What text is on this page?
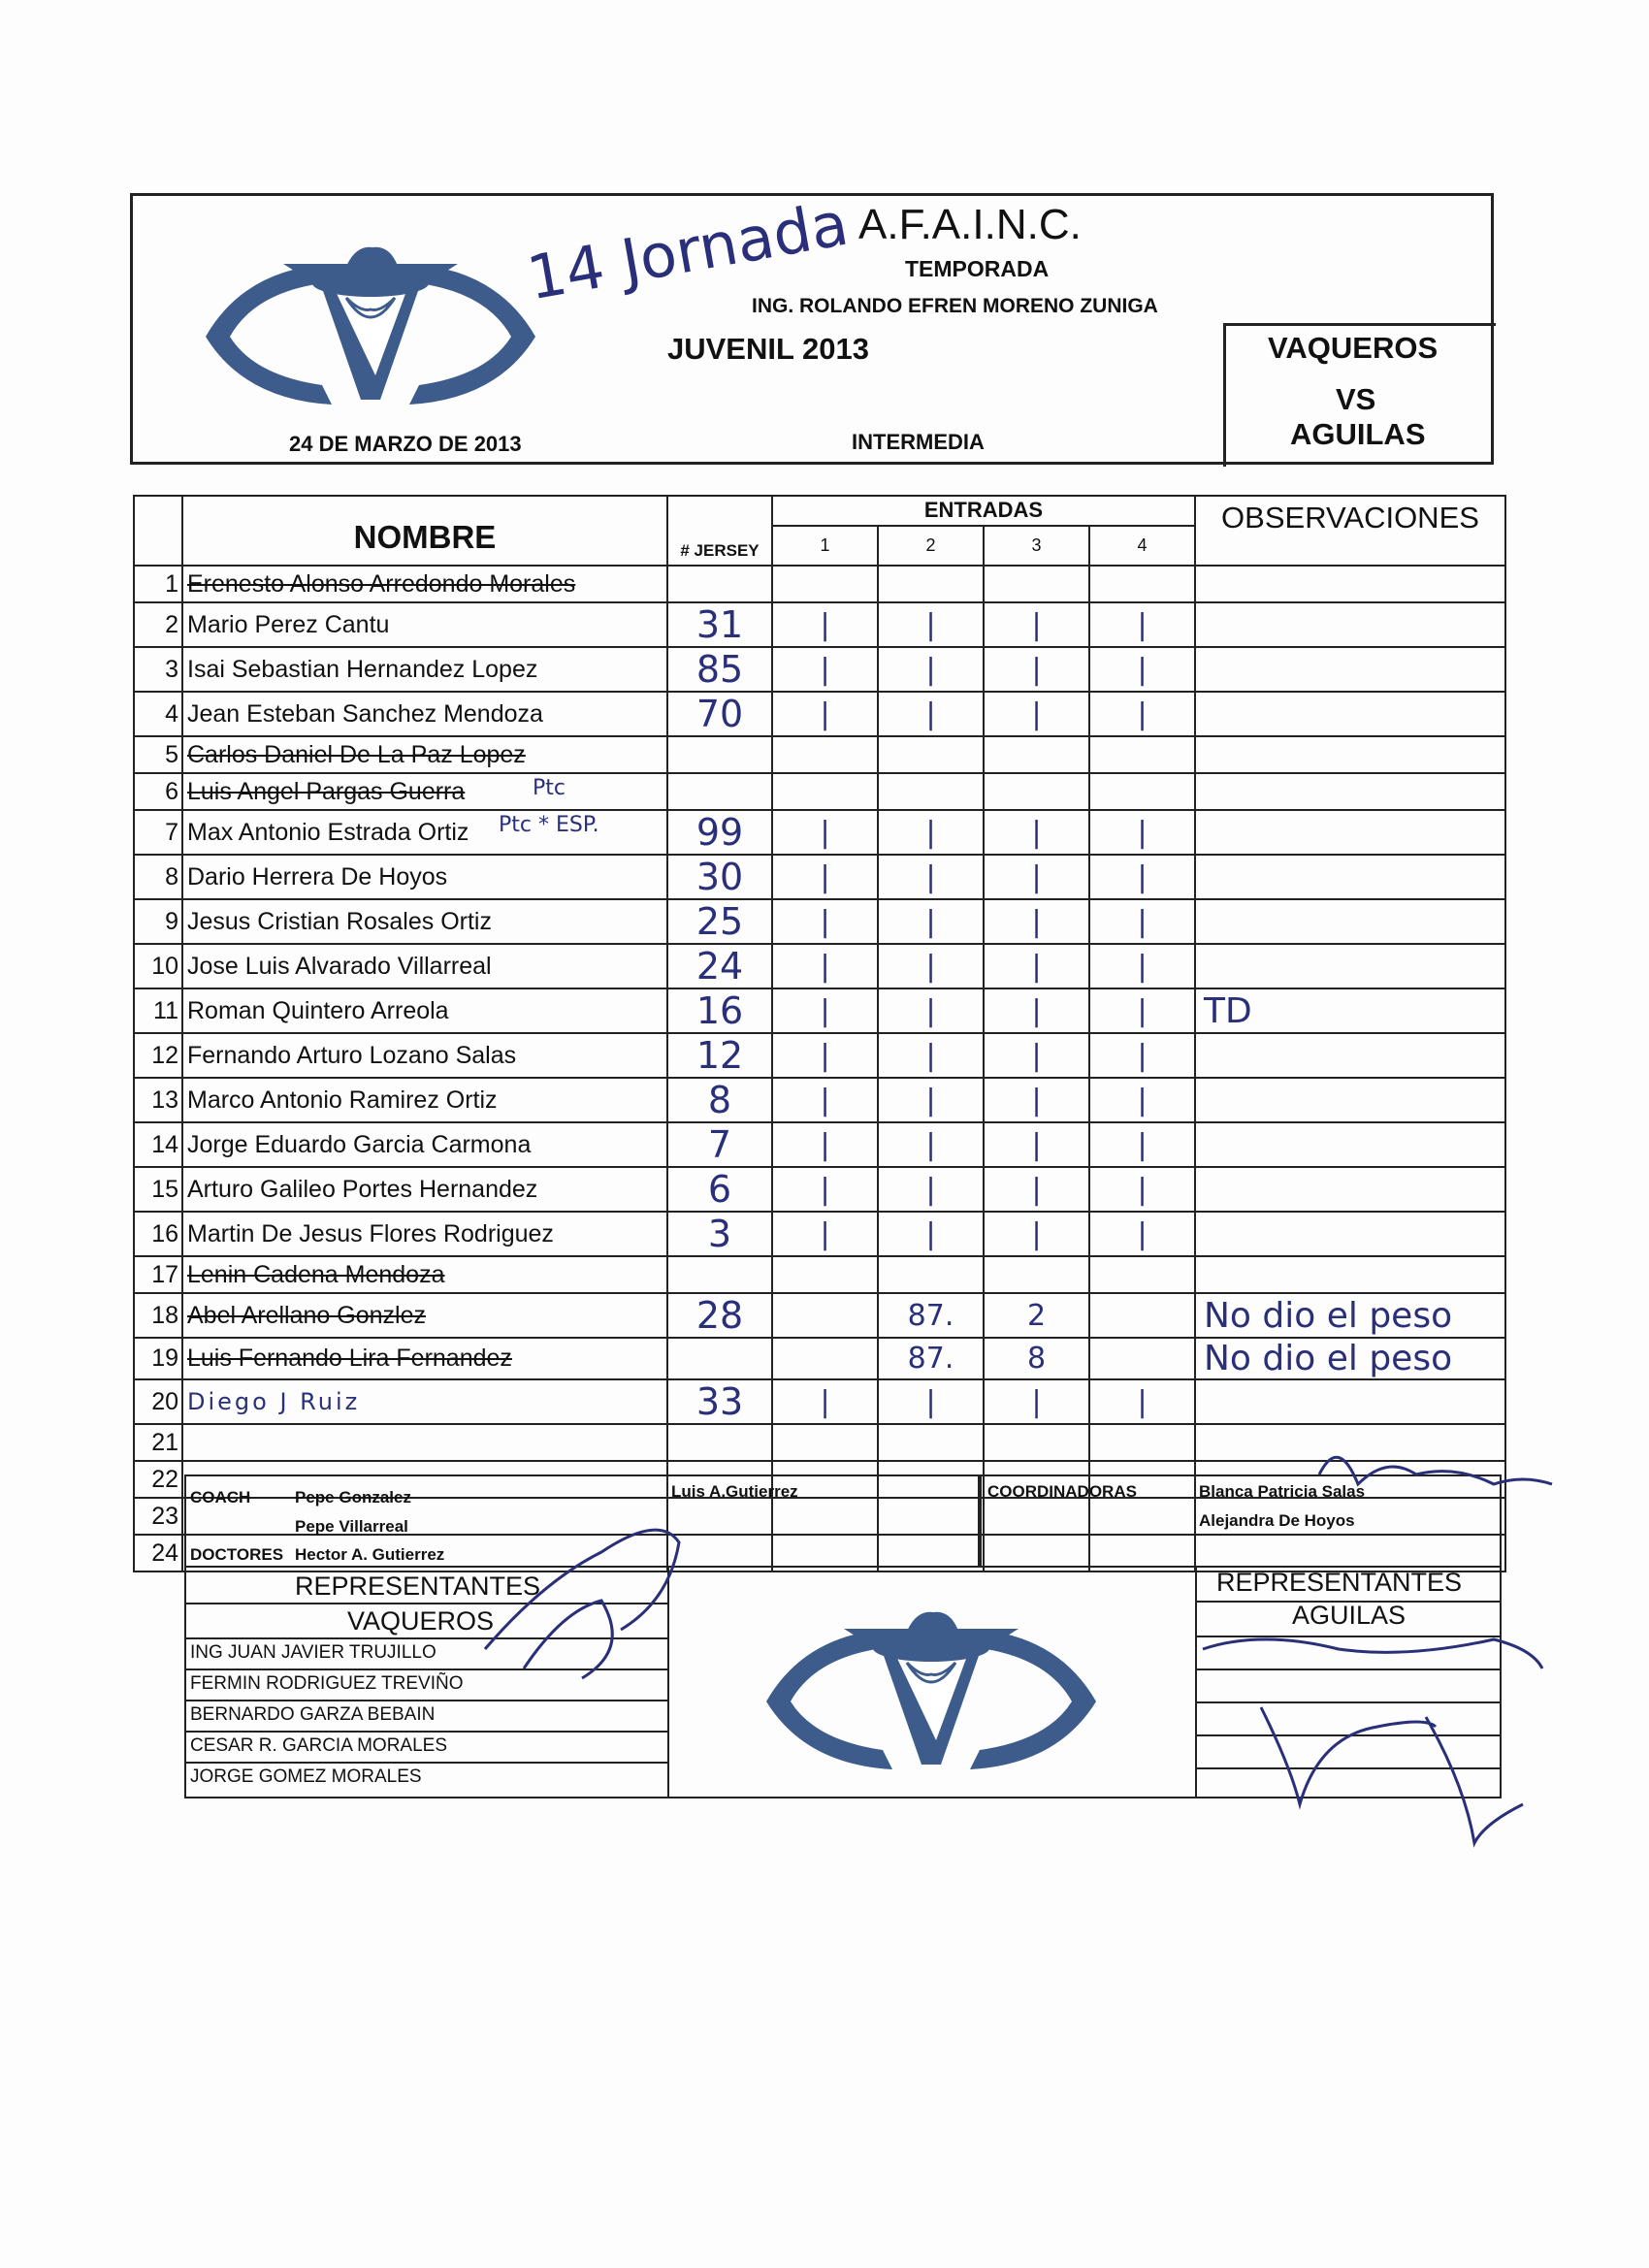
14 Jornada A.F.A.I.N.C.
TEMPORADA
ING. ROLANDO EFREN MORENO ZUNIGA
JUVENIL 2013
24 DE MARZO DE 2013	INTERMEDIA
VAQUEROS
VS
AGUILAS
	NOMBRE	# JERSEY	ENTRADAS				OBSERVACIONES
			1	2	3	4	
1	Erenesto Alonso Arredondo Morales						
2	Mario Perez Cantu	31	|	|	|	|	
3	Isai Sebastian Hernandez Lopez	85	|	|	|	|	
4	Jean Esteban Sanchez Mendoza	70	|	|	|	|	
5	Carlos Daniel De La Paz Lopez						
6	Luis Angel Pargas Guerra Ptc						

7	Max Antonio Estrada Ortiz Ptc * ESP.	99	|	|	|	|	
8	Dario Herrera De Hoyos	30	|	|	|	|	
9	Jesus Cristian Rosales Ortiz	25	|	|	|	|	
10	Jose Luis Alvarado Villarreal	24	|	|	|	|	
11	Roman Quintero Arreola	16	|	|	|	|	TD
12	Fernando Arturo Lozano Salas	12	|	|	|	|	
13	Marco Antonio Ramirez Ortiz	8	|	|	|	|	
14	Jorge Eduardo Garcia Carmona	7	|	|	|	|	
15	Arturo Galileo Portes Hernandez	6	|	|	|	|	
16	Martin De Jesus Flores Rodriguez	3	|	|	|	|	
17	Lenin Cadena Mendoza						
18	Abel Arellano Gonzlez	28		87.	2		No dio el peso
19	Luis Fernando Lira Fernandez			87.	8		No dio el peso
20	Diego J Ruiz	33	|	|	|	|	
21							
22							
23							
24							
COACH	Pepe Gonzalez
Pepe Villarreal
DOCTORES Hector A. Gutierrez
Luis A.Gutierrez	COORDINADORAS	Blanca Patricia Salas
Alejandra De Hoyos
REPRESENTANTES
VAQUEROS
ING JUAN JAVIER TRUJILLO
FERMIN RODRIGUEZ TREVIÑO
BERNARDO GARZA BEBAIN
CESAR R. GARCIA MORALES
JORGE GOMEZ MORALES
REPRESENTANTES
AGUILAS
